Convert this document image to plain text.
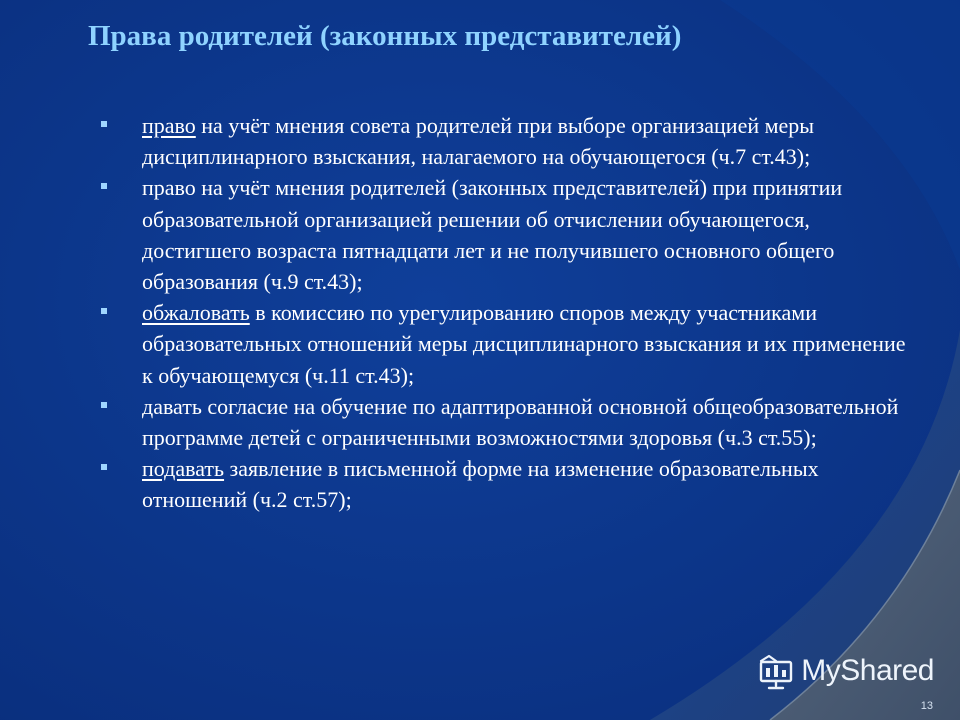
Права родителей (законных представителей)
право на учёт мнения совета родителей при выборе организацией меры дисциплинарного взыскания, налагаемого на обучающегося (ч.7 ст.43);
право на учёт мнения родителей (законных представителей) при принятии образовательной организацией решении об отчислении обучающегося, достигшего возраста пятнадцати лет и не получившего основного общего образования (ч.9 ст.43);
обжаловать в комиссию по урегулированию споров между участниками образовательных отношений меры дисциплинарного взыскания и их применение к обучающемуся (ч.11 ст.43);
давать согласие на обучение по адаптированной основной общеобразовательной программе детей с ограниченными возможностями здоровья (ч.3 ст.55);
подавать заявление в письменной форме на изменение образовательных отношений (ч.2 ст.57);
MyShared
13
